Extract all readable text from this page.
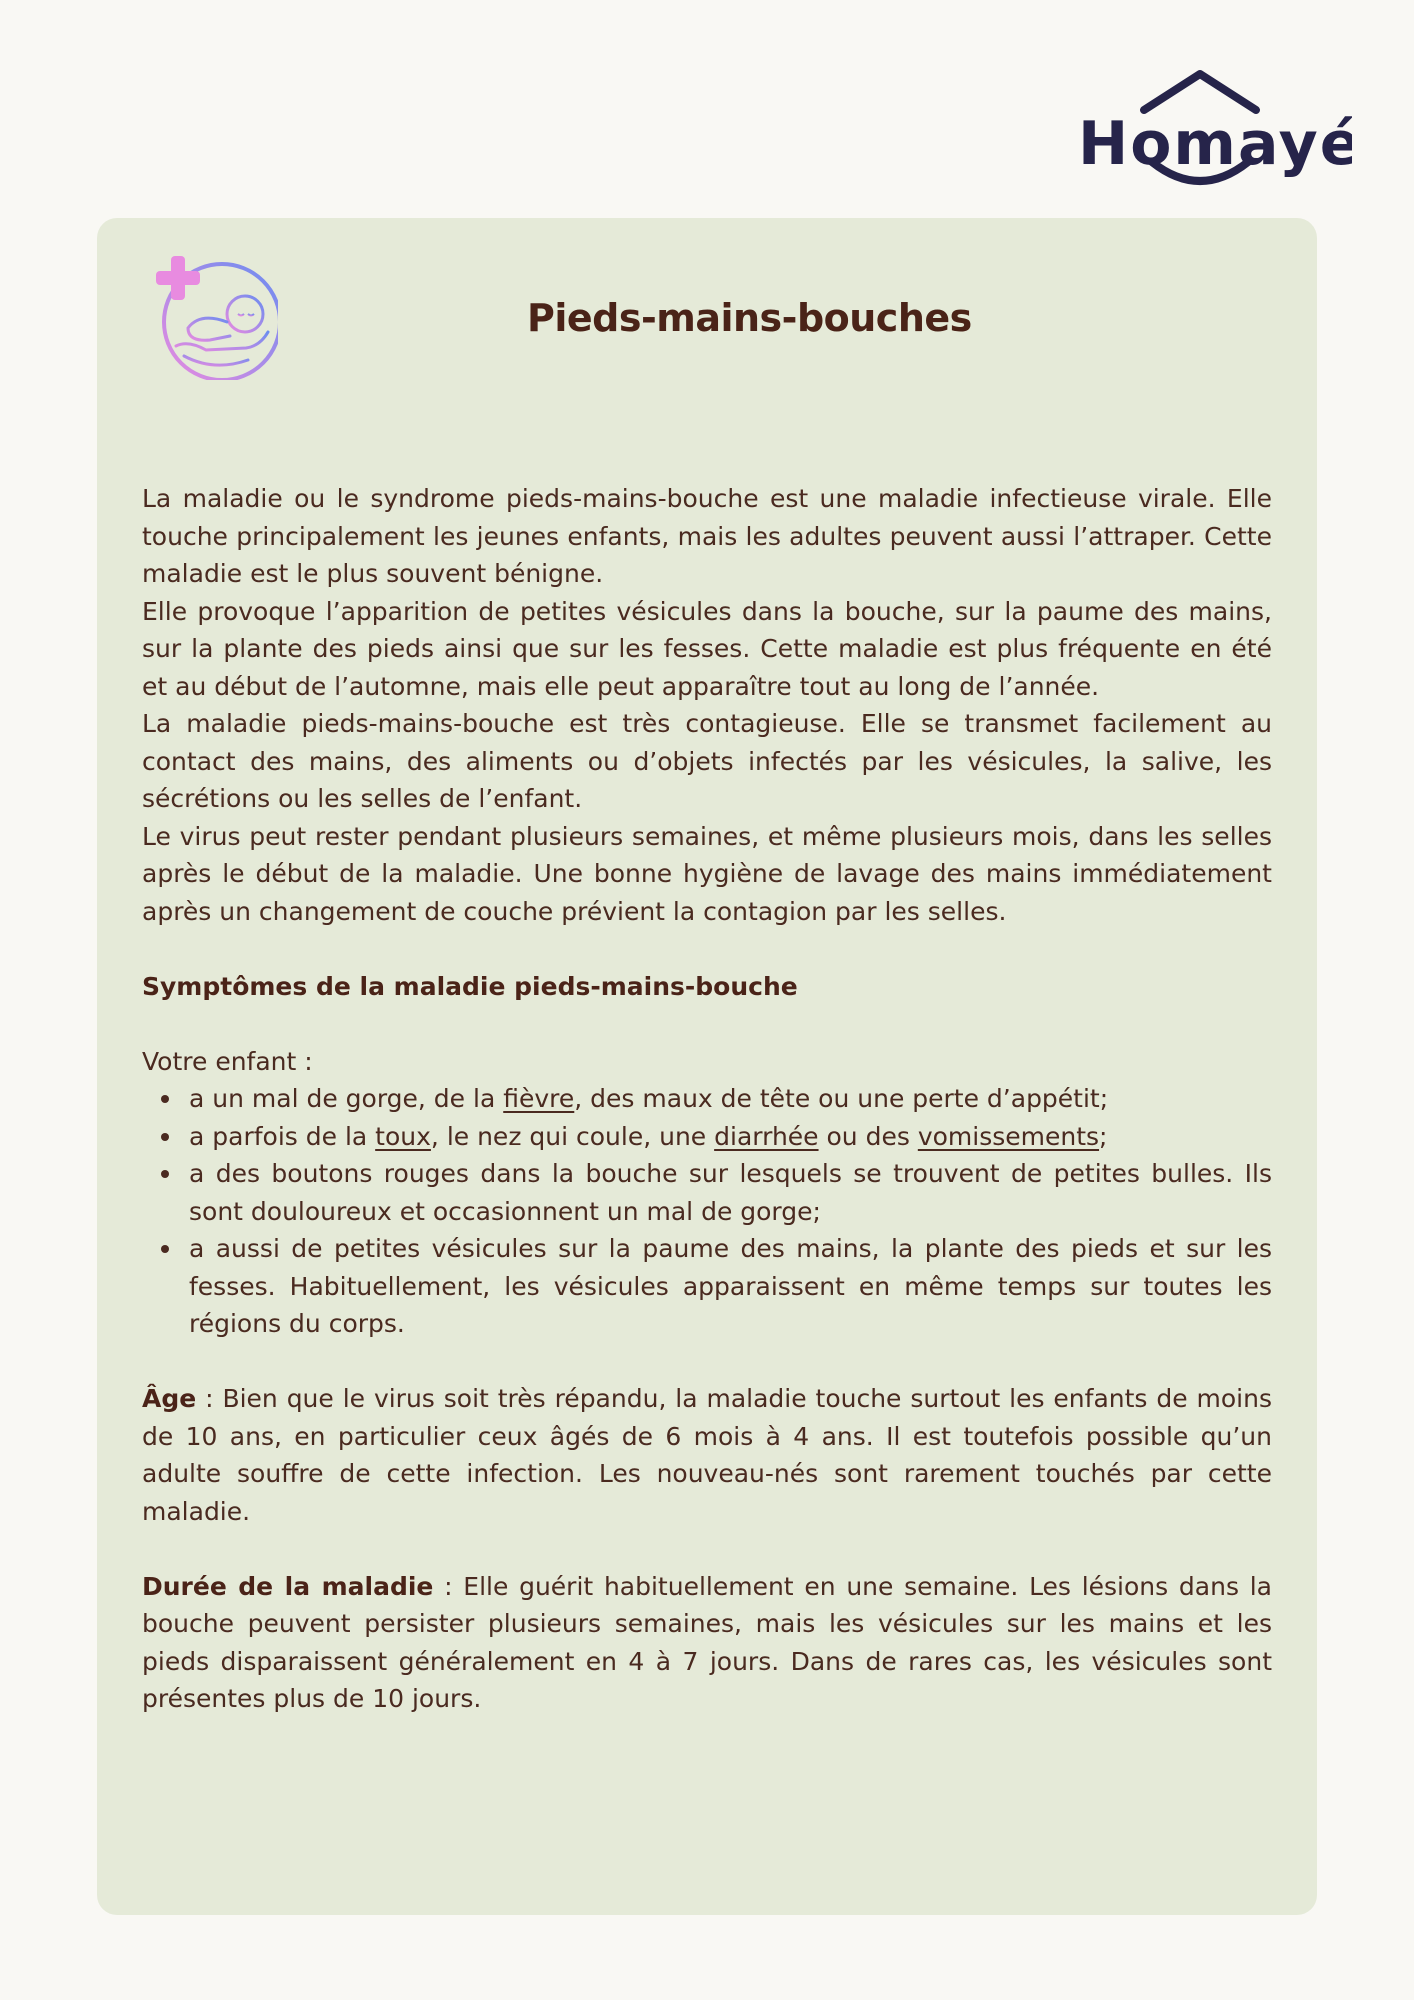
Homayé
Pieds-mains-bouches

La maladie ou le syndrome pieds-mains-bouche est une maladie infectieuse virale. Elle touche principalement les jeunes enfants, mais les adultes peuvent aussi l’attraper. Cette maladie est le plus souvent bénigne.

Elle provoque l’apparition de petites vésicules dans la bouche, sur la paume des mains, sur la plante des pieds ainsi que sur les fesses. Cette maladie est plus fréquente en été et au début de l’automne, mais elle peut apparaître tout au long de l’année.

La maladie pieds-mains-bouche est très contagieuse. Elle se transmet facilement au contact des mains, des aliments ou d’objets infectés par les vésicules, la salive, les sécrétions ou les selles de l’enfant.

Le virus peut rester pendant plusieurs semaines, et même plusieurs mois, dans les selles après le début de la maladie. Une bonne hygiène de lavage des mains immédiatement après un changement de couche prévient la contagion par les selles.

Symptômes de la maladie pieds-mains-bouche

Votre enfant :

a un mal de gorge, de la fièvre, des maux de tête ou une perte d’appétit;
a parfois de la toux, le nez qui coule, une diarrhée ou des vomissements;
a des boutons rouges dans la bouche sur lesquels se trouvent de petites bulles. Ils sont douloureux et occasionnent un mal de gorge;
a aussi de petites vésicules sur la paume des mains, la plante des pieds et sur les fesses. Habituellement, les vésicules apparaissent en même temps sur toutes les régions du corps.

Âge : Bien que le virus soit très répandu, la maladie touche surtout les enfants de moins de 10 ans, en particulier ceux âgés de 6 mois à 4 ans. Il est toutefois possible qu’un adulte souffre de cette infection. Les nouveau-nés sont rarement touchés par cette maladie.

Durée de la maladie : Elle guérit habituellement en une semaine. Les lésions dans la bouche peuvent persister plusieurs semaines, mais les vésicules sur les mains et les pieds disparaissent généralement en 4 à 7 jours. Dans de rares cas, les vésicules sont présentes plus de 10 jours.
